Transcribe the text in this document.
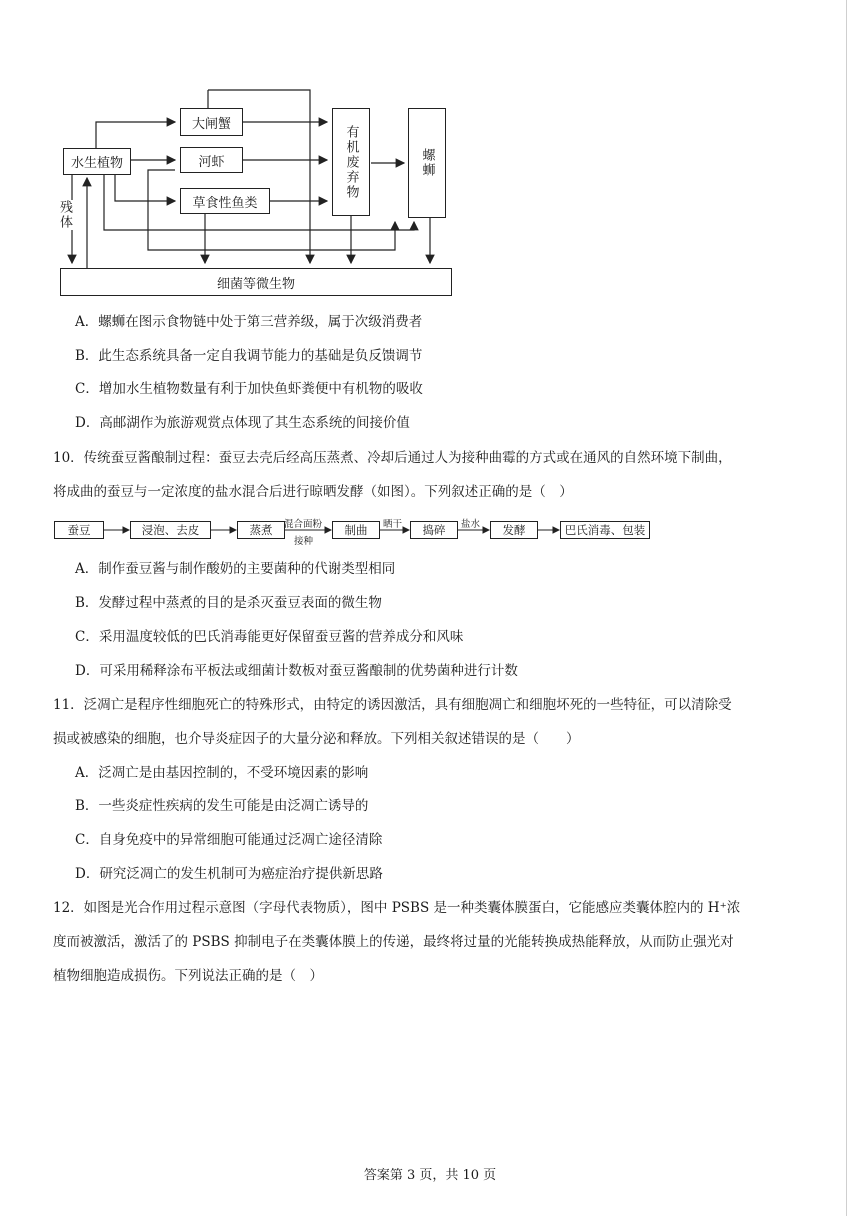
大闸蟹
河虾
水生植物
草食性鱼类
有机废弃物	螺蛳
细菌等微生物
残体
A．螺蛳在图示食物链中处于第三营养级，属于次级消费者
B．此生态系统具备一定自我调节能力的基础是负反馈调节
C．增加水生植物数量有利于加快鱼虾粪便中有机物的吸收
D．高邮湖作为旅游观赏点体现了其生态系统的间接价值
10．传统蚕豆酱酿制过程：蚕豆去壳后经高压蒸煮、冷却后通过人为接种曲霉的方式或在通风的自然环境下制曲，
将成曲的蚕豆与一定浓度的盐水混合后进行晾晒发酵（如图）。下列叙述正确的是（　）
蚕豆	浸泡、去皮	蒸煮	制曲	捣碎	发酵	巴氏消毒、包装
混合面粉
接种
晒干	盐水
A．制作蚕豆酱与制作酸奶的主要菌种的代谢类型相同
B．发酵过程中蒸煮的目的是杀灭蚕豆表面的微生物
C．采用温度较低的巴氏消毒能更好保留蚕豆酱的营养成分和风味
D．可采用稀释涂布平板法或细菌计数板对蚕豆酱酿制的优势菌种进行计数
11．泛凋亡是程序性细胞死亡的特殊形式，由特定的诱因激活，具有细胞凋亡和细胞坏死的一些特征，可以清除受
损或被感染的细胞，也介导炎症因子的大量分泌和释放。下列相关叙述错误的是（　　）
A．泛凋亡是由基因控制的，不受环境因素的影响
B．一些炎症性疾病的发生可能是由泛凋亡诱导的
C．自身免疫中的异常细胞可能通过泛凋亡途径清除
D．研究泛凋亡的发生机制可为癌症治疗提供新思路
12．如图是光合作用过程示意图（字母代表物质），图中 PSBS 是一种类囊体膜蛋白，它能感应类囊体腔内的 H⁺浓
度而被激活，激活了的 PSBS 抑制电子在类囊体膜上的传递，最终将过量的光能转换成热能释放，从而防止强光对
植物细胞造成损伤。下列说法正确的是（　）
答案第 3 页，共 10 页
